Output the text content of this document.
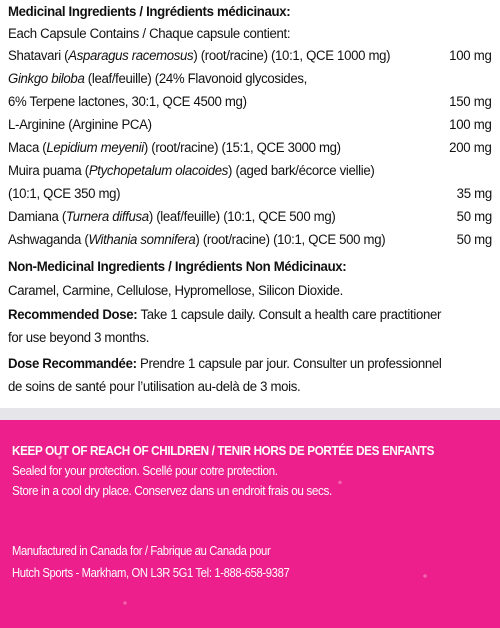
Medicinal Ingredients / Ingrédients médicinaux:
Each Capsule Contains / Chaque capsule contient:
Shatavari (Asparagus racemosus) (root/racine) (10:1, QCE 1000 mg)	100 mg
Ginkgo biloba (leaf/feuille) (24% Flavonoid glycosides,
6% Terpene lactones, 30:1, QCE 4500 mg)	150 mg
L-Arginine (Arginine PCA)	100 mg
Maca (Lepidium meyenii) (root/racine) (15:1, QCE 3000 mg)	200 mg
Muira puama (Ptychopetalum olacoides) (aged bark/écorce viellie)
(10:1, QCE 350 mg)	35 mg
Damiana (Turnera diffusa) (leaf/feuille) (10:1, QCE 500 mg)	50 mg
Ashwaganda (Withania somnifera) (root/racine) (10:1, QCE 500 mg)	50 mg
Non-Medicinal Ingredients / Ingrédients Non Médicinaux:
Caramel, Carmine, Cellulose, Hypromellose, Silicon Dioxide.
Recommended Dose: Take 1 capsule daily. Consult a health care practitioner
for use beyond 3 months.
Dose Recommandée: Prendre 1 capsule par jour. Consulter un professionnel
de soins de santé pour l’utilisation au-delà de 3 mois.
KEEP OUT OF REACH OF CHILDREN / TENIR HORS DE PORTÉE DES ENFANTS
Sealed for your protection. Scellé pour cotre protection.
Store in a cool dry place. Conservez dans un endroit frais ou secs.
Manufactured in Canada for / Fabrique au Canada pour
Hutch Sports - Markham, ON L3R 5G1 Tel: 1-888-658-9387
